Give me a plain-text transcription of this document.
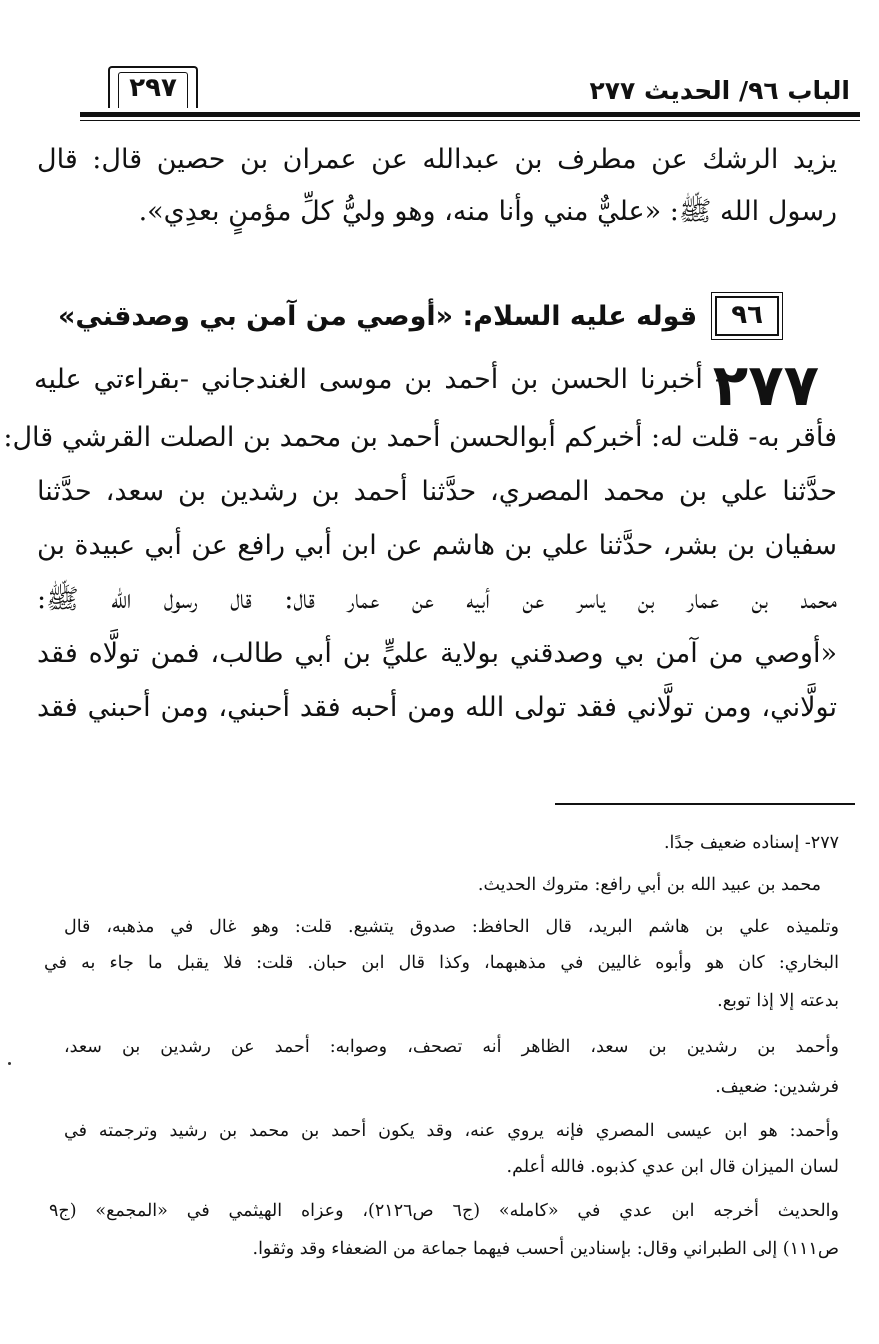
الباب ٩٦/ الحديث ٢٧٧
٢٩٧
يزيد الرشك عن مطرف بن عبدالله عن عمران بن حصين قال: قال
رسول الله ﷺ: «عليٌّ مني وأنا منه، وهو وليُّ كلِّ مؤمنٍ بعدِي».
٩٦
قوله عليه السلام: «أوصي من آمن بي وصدقني»
٢٧٧
- أخبرنا الحسن بن أحمد بن موسى الغندجاني -بقراءتي عليه
فأقر به- قلت له: أخبركم أبوالحسن أحمد بن محمد بن الصلت القرشي قال:
حدَّثنا علي بن محمد المصري، حدَّثنا أحمد بن رشدين بن سعد، حدَّثنا
سفيان بن بشر، حدَّثنا علي بن هاشم عن ابن أبي رافع عن أبي عبيدة بن
محمد بن عمار بن ياسر عن أبيه عن عمار قال: قال رسول الله ﷺ:
«أوصي من آمن بي وصدقني بولاية عليٍّ بن أبي طالب، فمن تولَّاه فقد
تولَّاني، ومن تولَّاني فقد تولى الله ومن أحبه فقد أحبني، ومن أحبني فقد
٢٧٧- إسناده ضعيف جدًا.
محمد بن عبيد الله بن أبي رافع: متروك الحديث.
وتلميذه علي بن هاشم البريد، قال الحافظ: صدوق يتشيع. قلت: وهو غال في مذهبه، قال
البخاري: كان هو وأبوه غاليين في مذهبهما، وكذا قال ابن حبان. قلت: فلا يقبل ما جاء به في
بدعته إلا إذا توبع.
وأحمد بن رشدين بن سعد، الظاهر أنه تصحف، وصوابه: أحمد عن رشدين بن سعد،
فرشدين: ضعيف.
وأحمد: هو ابن عيسى المصري فإنه يروي عنه، وقد يكون أحمد بن محمد بن رشيد وترجمته في
لسان الميزان قال ابن عدي كذبوه. فالله أعلم.
والحديث أخرجه ابن عدي في «كامله» (ج٦ ص٢١٢٦)، وعزاه الهيثمي في «المجمع» (ج٩
ص١١١) إلى الطبراني وقال: بإسنادين أحسب فيهما جماعة من الضعفاء وقد وثقوا.
